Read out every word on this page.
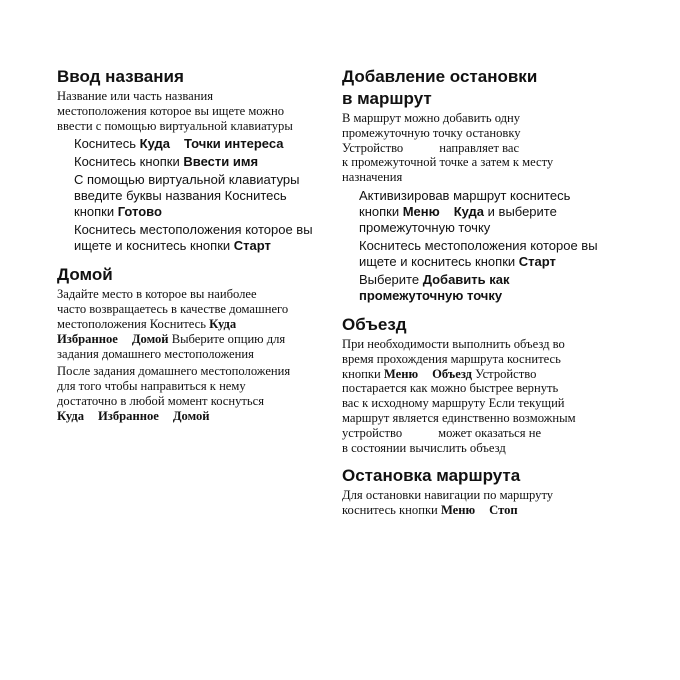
Ввод названия

Название или часть названия
местоположения которое вы ищете можно
ввести с помощью виртуальной клавиатуры

Коснитесь Куда Точки интереса

Коснитесь кнопки Ввести имя

С помощью виртуальной клавиатуры
введите буквы названия Коснитесь
кнопки Готово

Коснитесь местоположения которое вы
ищете и коснитесь кнопки Старт

Домой

Задайте место в которое вы наиболее
часто возвращаетесь в качестве домашнего
местоположения Коснитесь Куда
Избранное Домой Выберите опцию для
задания домашнего местоположения

После задания домашнего местоположения
для того чтобы направиться к нему
достаточно в любой момент коснуться
Куда Избранное Домой

Добавление остановки
в маршрут

В маршрут можно добавить одну
промежуточную точку остановку
Устройство	направляет вас
к промежуточной точке а затем к месту
назначения

Активизировав маршрут коснитесь
кнопки Меню Куда и выберите
промежуточную точку

Коснитесь местоположения которое вы
ищете и коснитесь кнопки Старт

Выберите Добавить как
промежуточную точку

Объезд

При необходимости выполнить объезд во
время прохождения маршрута коснитесь
кнопки Меню Объезд Устройство
постарается как можно быстрее вернуть
вас к исходному маршруту Если текущий
маршрут является единственно возможным
устройство	может оказаться не
в состоянии вычислить объезд

Остановка маршрута

Для остановки навигации по маршруту
коснитесь кнопки Меню Стоп
